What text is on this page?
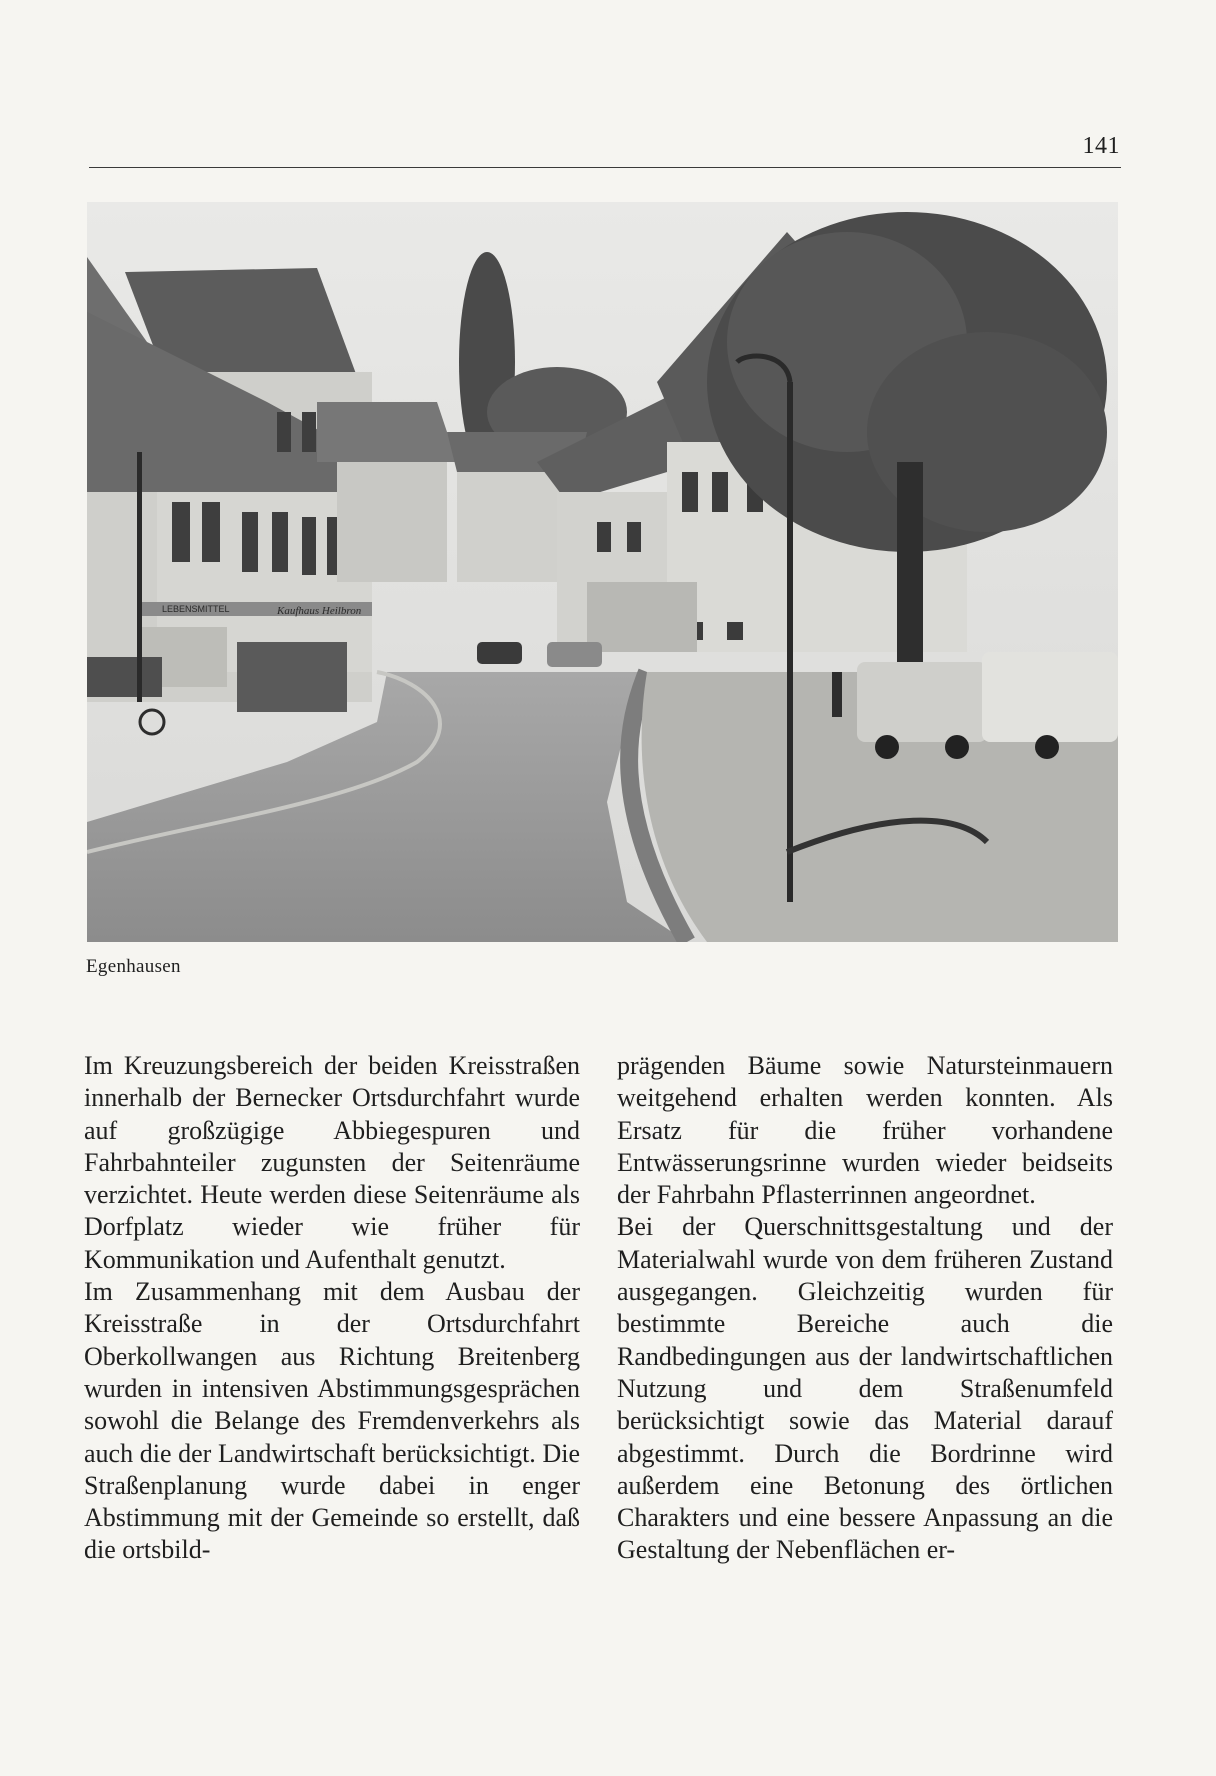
141
LEBENSMITTEL	Kaufhaus Heilbron
Egenhausen

Im Kreuzungsbereich der beiden Kreisstraßen innerhalb der Bernecker Ortsdurchfahrt wurde auf großzügige Abbiegespuren und Fahrbahnteiler zugunsten der Seitenräume verzichtet. Heute werden diese Seitenräume als Dorfplatz wieder wie früher für Kommunikation und Aufenthalt genutzt.

Im Zusammenhang mit dem Ausbau der Kreisstraße in der Ortsdurchfahrt Oberkollwangen aus Richtung Breitenberg wurden in intensiven Abstimmungsgesprächen sowohl die Belange des Fremdenverkehrs als auch die der Landwirtschaft berücksichtigt. Die Straßenplanung wurde dabei in enger Abstimmung mit der Gemeinde so erstellt, daß die ortsbild-

prägenden Bäume sowie Natursteinmauern weitgehend erhalten werden konnten. Als Ersatz für die früher vorhandene Entwässerungsrinne wurden wieder beidseits der Fahrbahn Pflasterrinnen angeordnet.

Bei der Querschnittsgestaltung und der Materialwahl wurde von dem früheren Zustand ausgegangen. Gleichzeitig wurden für bestimmte Bereiche auch die Randbedingungen aus der landwirtschaftlichen Nutzung und dem Straßenumfeld berücksichtigt sowie das Material darauf abgestimmt. Durch die Bordrinne wird außerdem eine Betonung des örtlichen Charakters und eine bessere Anpassung an die Gestaltung der Nebenflächen er-
